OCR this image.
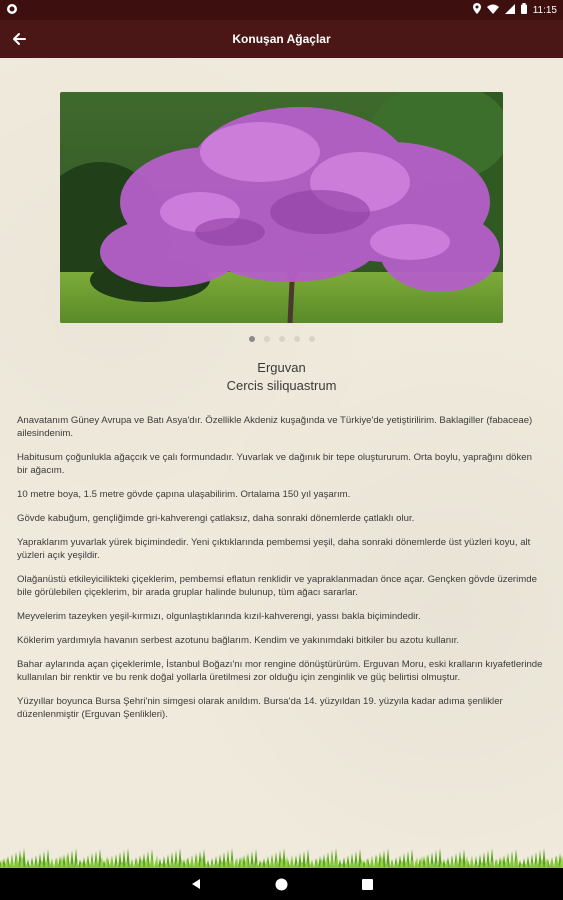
11:15
Konuşan Ağaçlar
Erguvan
Cercis siliquastrum

Anavatanım Güney Avrupa ve Batı Asya'dır. Özellikle Akdeniz kuşağında ve Türkiye'de yetiştirilirim. Baklagiller (fabaceae) ailesindenim.

Habitusum çoğunlukla ağaçcık ve çalı formundadır. Yuvarlak ve dağınık bir tepe oluştururum. Orta boylu, yaprağını döken bir ağacım.

10 metre boya, 1.5 metre gövde çapına ulaşabilirim. Ortalama 150 yıl yaşarım.

Gövde kabuğum, gençliğimde gri-kahverengi çatlaksız, daha sonraki dönemlerde çatlaklı olur.

Yapraklarım yuvarlak yürek biçimindedir. Yeni çıktıklarında pembemsi yeşil, daha sonraki dönemlerde üst yüzleri koyu, alt yüzleri açık yeşildir.

Olağanüstü etkileyicilikteki çiçeklerim, pembemsi eflatun renklidir ve yapraklanmadan önce açar. Gençken gövde üzerimde bile görülebilen çiçeklerim, bir arada gruplar halinde bulunup, tüm ağacı sararlar.

Meyvelerim tazeyken yeşil-kırmızı, olgunlaştıklarında kızıl-kahverengi, yassı bakla biçimindedir.

Köklerim yardımıyla havanın serbest azotunu bağlarım. Kendim ve yakınımdaki bitkiler bu azotu kullanır.

Bahar aylarında açan çiçeklerimle, İstanbul Boğazı'nı mor rengine dönüştürürüm. Erguvan Moru, eski kralların kıyafetlerinde kullanılan bir renktir ve bu renk doğal yollarla üretilmesi zor olduğu için zenginlik ve güç belirtisi olmuştur.

Yüzyıllar boyunca Bursa Şehri'nin simgesi olarak anıldım. Bursa'da 14. yüzyıldan 19. yüzyıla kadar adıma şenlikler düzenlenmiştir (Erguvan Şenlikleri).
